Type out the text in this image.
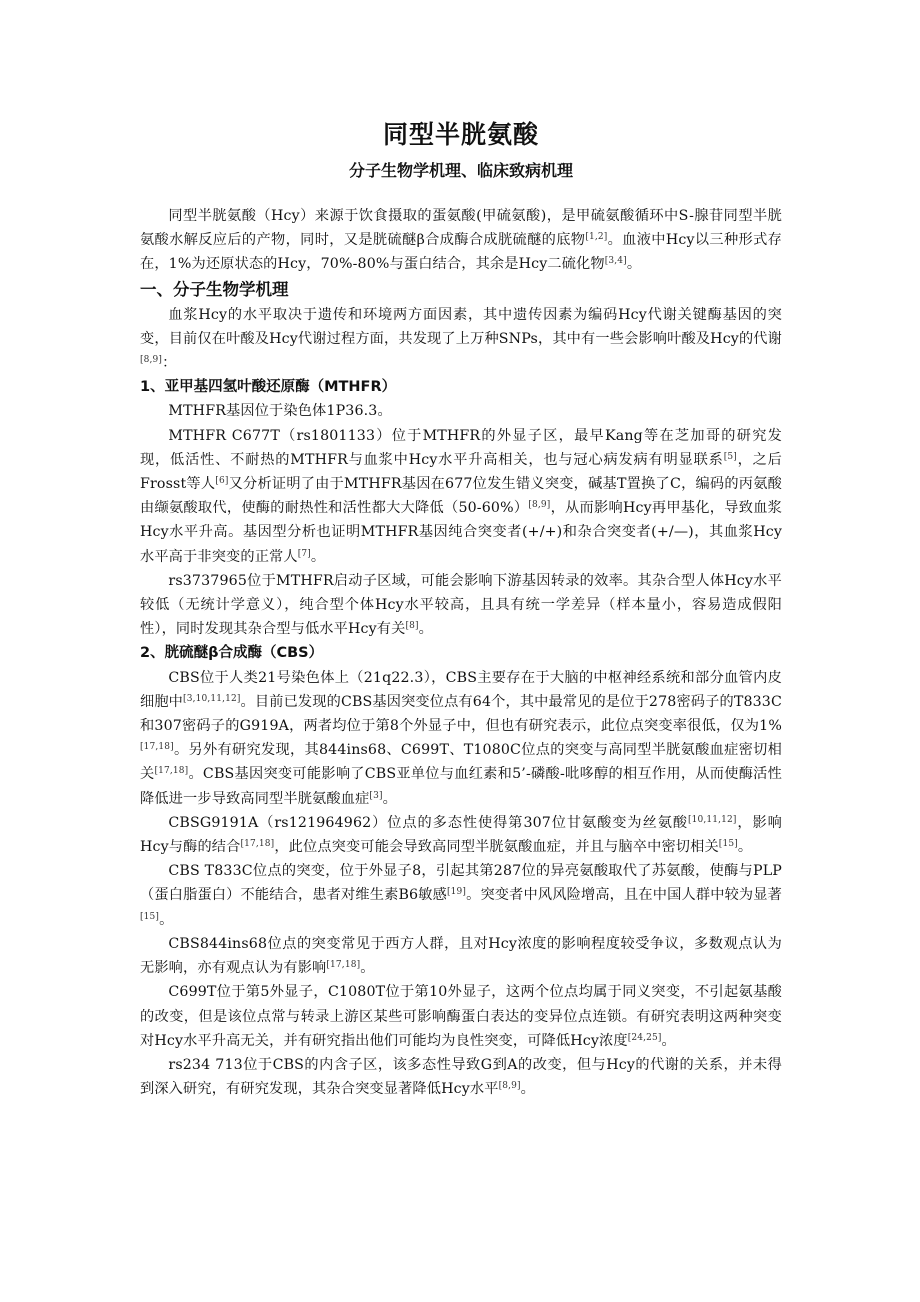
同型半胱氨酸
分子生物学机理、临床致病机理

同型半胱氨酸（Hcy）来源于饮食摄取的蛋氨酸(甲硫氨酸)，是甲硫氨酸循环中S-腺苷同型半胱氨酸水解反应后的产物，同时，又是胱硫醚β合成酶合成胱硫醚的底物[1,2]。血液中Hcy以三种形式存在，1%为还原状态的Hcy，70%-80%与蛋白结合，其余是Hcy二硫化物[3,4]。

一、分子生物学机理

血浆Hcy的水平取决于遗传和环境两方面因素，其中遗传因素为编码Hcy代谢关键酶基因的突变，目前仅在叶酸及Hcy代谢过程方面，共发现了上万种SNPs，其中有一些会影响叶酸及Hcy的代谢[8,9]：

1、亚甲基四氢叶酸还原酶（MTHFR）

MTHFR基因位于染色体1P36.3。

MTHFR C677T（rs1801133）位于MTHFR的外显子区，最早Kang等在芝加哥的研究发现，低活性、不耐热的MTHFR与血浆中Hcy水平升高相关，也与冠心病发病有明显联系[5]，之后Frosst等人[6]又分析证明了由于MTHFR基因在677位发生错义突变，碱基T置换了C，编码的丙氨酸由缬氨酸取代，使酶的耐热性和活性都大大降低（50-60%）[8,9]，从而影响Hcy再甲基化，导致血浆Hcy水平升高。基因型分析也证明MTHFR基因纯合突变者(+/+)和杂合突变者(+/—)，其血浆Hcy水平高于非突变的正常人[7]。

rs3737965位于MTHFR启动子区域，可能会影响下游基因转录的效率。其杂合型人体Hcy水平较低（无统计学意义），纯合型个体Hcy水平较高，且具有统一学差异（样本量小，容易造成假阳性），同时发现其杂合型与低水平Hcy有关[8]。

2、胱硫醚β合成酶（CBS）

CBS位于人类21号染色体上（21q22.3），CBS主要存在于大脑的中枢神经系统和部分血管内皮细胞中[3,10,11,12]。目前已发现的CBS基因突变位点有64个，其中最常见的是位于278密码子的T833C和307密码子的G919A，两者均位于第8个外显子中，但也有研究表示，此位点突变率很低，仅为1%[17,18]。另外有研究发现，其844ins68、C699T、T1080C位点的突变与高同型半胱氨酸血症密切相关[17,18]。CBS基因突变可能影响了CBS亚单位与血红素和5’-磷酸-吡哆醇的相互作用，从而使酶活性降低进一步导致高同型半胱氨酸血症[3]。

CBSG9191A（rs121964962）位点的多态性使得第307位甘氨酸变为丝氨酸[10,11,12]，影响Hcy与酶的结合[17,18]，此位点突变可能会导致高同型半胱氨酸血症，并且与脑卒中密切相关[15]。

CBS T833C位点的突变，位于外显子8，引起其第287位的异亮氨酸取代了苏氨酸，使酶与PLP（蛋白脂蛋白）不能结合，患者对维生素B6敏感[19]。突变者中风风险增高，且在中国人群中较为显著[15]。

CBS844ins68位点的突变常见于西方人群，且对Hcy浓度的影响程度较受争议，多数观点认为无影响，亦有观点认为有影响[17,18]。

C699T位于第5外显子，C1080T位于第10外显子，这两个位点均属于同义突变，不引起氨基酸的改变，但是该位点常与转录上游区某些可影响酶蛋白表达的变异位点连锁。有研究表明这两种突变对Hcy水平升高无关，并有研究指出他们可能均为良性突变，可降低Hcy浓度[24,25]。

rs234 713位于CBS的内含子区，该多态性导致G到A的改变，但与Hcy的代谢的关系，并未得到深入研究，有研究发现，其杂合突变显著降低Hcy水平[8,9]。
